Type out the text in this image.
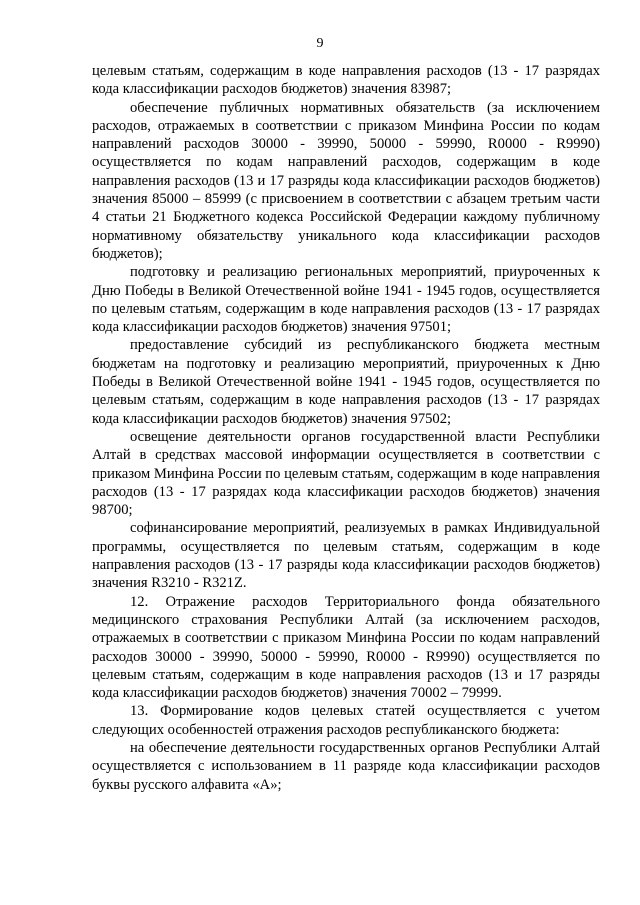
9

целевым статьям, содержащим в коде направления расходов (13 - 17 разрядах кода классификации расходов бюджетов) значения 83987;

обеспечение публичных нормативных обязательств (за исключением расходов, отражаемых в соответствии с приказом Минфина России по кодам направлений расходов 30000 - 39990, 50000 - 59990, R0000 - R9990) осуществляется по кодам направлений расходов, содержащим в коде направления расходов (13 и 17 разряды кода классификации расходов бюджетов) значения 85000 – 85999 (с присвоением в соответствии с абзацем третьим части 4 статьи 21 Бюджетного кодекса Российской Федерации каждому публичному нормативному обязательству уникального кода классификации расходов бюджетов);

подготовку и реализацию региональных мероприятий, приуроченных к Дню Победы в Великой Отечественной войне 1941 - 1945 годов, осуществляется по целевым статьям, содержащим в коде направления расходов (13 - 17 разрядах кода классификации расходов бюджетов) значения 97501;

предоставление субсидий из республиканского бюджета местным бюджетам на подготовку и реализацию мероприятий, приуроченных к Дню Победы в Великой Отечественной войне 1941 - 1945 годов, осуществляется по целевым статьям, содержащим в коде направления расходов (13 - 17 разрядах кода классификации расходов бюджетов) значения 97502;

освещение деятельности органов государственной власти Республики Алтай в средствах массовой информации осуществляется в соответствии с приказом Минфина России по целевым статьям, содержащим в коде направления расходов (13 - 17 разрядах кода классификации расходов бюджетов) значения 98700;

софинансирование мероприятий, реализуемых в рамках Индивидуальной программы, осуществляется по целевым статьям, содержащим в коде направления расходов (13 - 17 разряды кода классификации расходов бюджетов) значения R3210 - R321Z.

12. Отражение расходов Территориального фонда обязательного медицинского страхования Республики Алтай (за исключением расходов, отражаемых в соответствии с приказом Минфина России по кодам направлений расходов 30000 - 39990, 50000 - 59990, R0000 - R9990) осуществляется по целевым статьям, содержащим в коде направления расходов (13 и 17 разряды кода классификации расходов бюджетов) значения 70002 – 79999.

13. Формирование кодов целевых статей осуществляется с учетом следующих особенностей отражения расходов республиканского бюджета:

на обеспечение деятельности государственных органов Республики Алтай осуществляется с использованием в 11 разряде кода классификации расходов буквы русского алфавита «А»;
